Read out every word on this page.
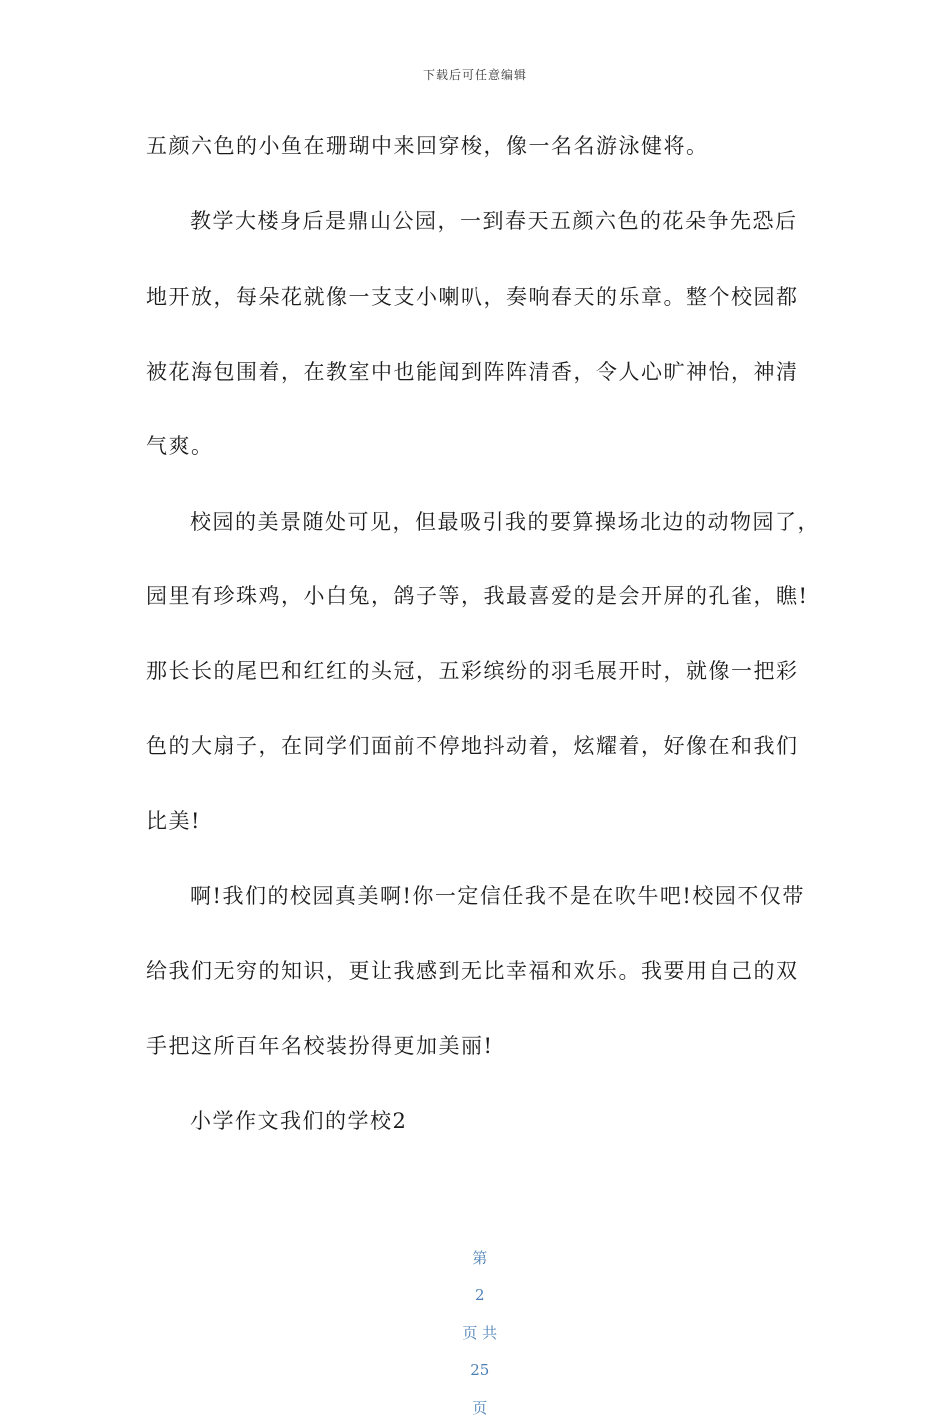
下载后可任意编辑
五颜六色的小鱼在珊瑚中来回穿梭，像一名名游泳健将。
教学大楼身后是鼎山公园，一到春天五颜六色的花朵争先恐后
地开放，每朵花就像一支支小喇叭，奏响春天的乐章。整个校园都
被花海包围着，在教室中也能闻到阵阵清香，令人心旷神怡，神清
气爽。
校园的美景随处可见，但最吸引我的要算操场北边的动物园了，
园里有珍珠鸡，小白兔，鸽子等，我最喜爱的是会开屏的孔雀，瞧!
那长长的尾巴和红红的头冠，五彩缤纷的羽毛展开时，就像一把彩
色的大扇子，在同学们面前不停地抖动着，炫耀着，好像在和我们
比美!
啊!我们的校园真美啊!你一定信任我不是在吹牛吧!校园不仅带
给我们无穷的知识，更让我感到无比幸福和欢乐。我要用自己的双
手把这所百年名校装扮得更加美丽!
小学作文我们的学校2

第

2

页 共

25

页
